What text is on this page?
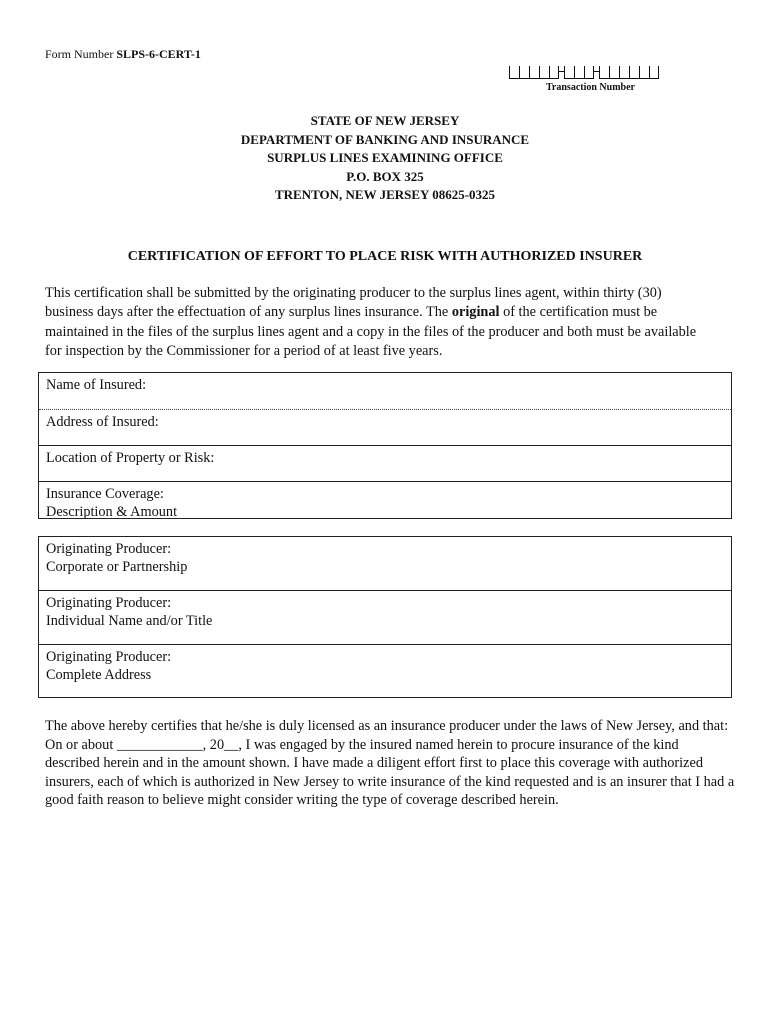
Form Number SLPS-6-CERT-1
Transaction Number
STATE OF NEW JERSEY
DEPARTMENT OF BANKING AND INSURANCE
SURPLUS LINES EXAMINING OFFICE
P.O. BOX 325
TRENTON, NEW JERSEY 08625-0325
CERTIFICATION OF EFFORT TO PLACE RISK WITH AUTHORIZED INSURER
This certification shall be submitted by the originating producer to the surplus lines agent, within thirty (30) business days after the effectuation of any surplus lines insurance. The original of the certification must be maintained in the files of the surplus lines agent and a copy in the files of the producer and both must be available for inspection by the Commissioner for a period of at least five years.
Name of Insured:
Address of Insured:
Location of Property or Risk:
Insurance Coverage:
Description & Amount
Originating Producer:
Corporate or Partnership
Originating Producer:
Individual Name and/or Title
Originating Producer:
Complete Address
The above hereby certifies that he/she is duly licensed as an insurance producer under the laws of New Jersey, and that: On or about ____________, 20__, I was engaged by the insured named herein to procure insurance of the kind described herein and in the amount shown. I have made a diligent effort first to place this coverage with authorized insurers, each of which is authorized in New Jersey to write insurance of the kind requested and is an insurer that I had a good faith reason to believe might consider writing the type of coverage described herein.
